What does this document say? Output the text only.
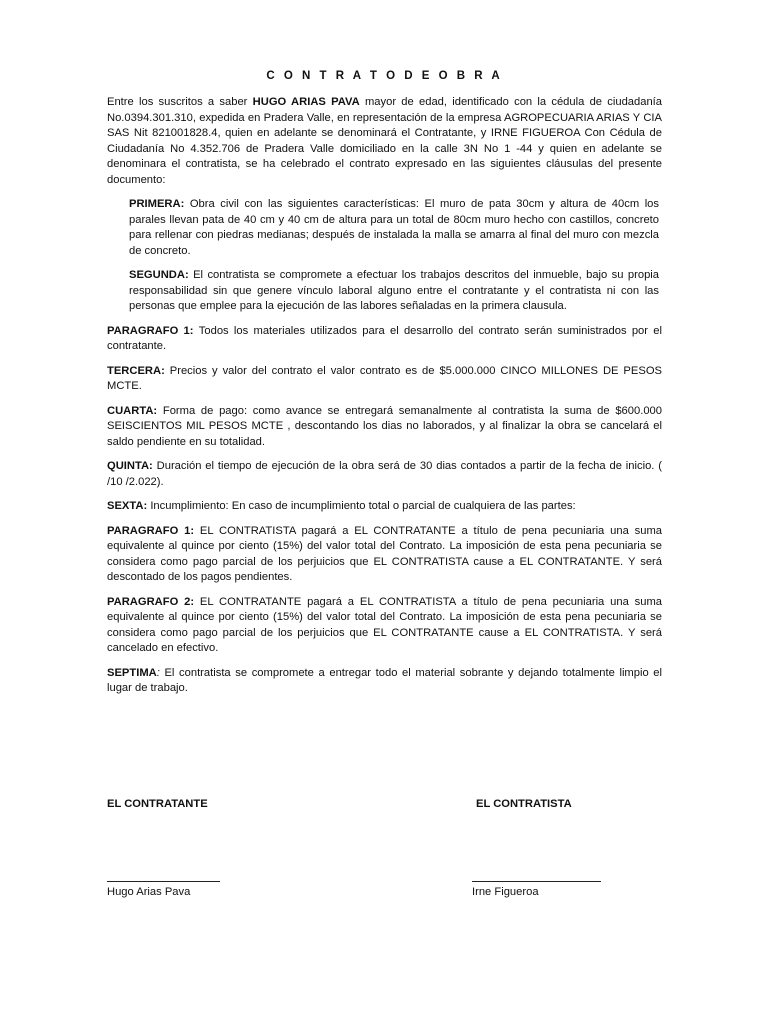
C O N T R A T O D E O B R A

Entre los suscritos a saber HUGO ARIAS PAVA mayor de edad, identificado con la cédula de ciudadanía No.0394.301.310, expedida en Pradera Valle, en representación de la empresa AGROPECUARIA ARIAS Y CIA SAS Nit 821001828.4, quien en adelante se denominará el Contratante, y IRNE FIGUEROA Con Cédula de Ciudadanía No 4.352.706 de Pradera Valle domiciliado en la calle 3N No 1 -44 y quien en adelante se denominara el contratista, se ha celebrado el contrato expresado en las siguientes cláusulas del presente documento:

PRIMERA: Obra civil con las siguientes características: El muro de pata 30cm y altura de 40cm los parales llevan pata de 40 cm y 40 cm de altura para un total de 80cm muro hecho con castillos, concreto para rellenar con piedras medianas; después de instalada la malla se amarra al final del muro con mezcla de concreto.

SEGUNDA: El contratista se compromete a efectuar los trabajos descritos del inmueble, bajo su propia responsabilidad sin que genere vínculo laboral alguno entre el contratante y el contratista ni con las personas que emplee para la ejecución de las labores señaladas en la primera clausula.

PARAGRAFO 1: Todos los materiales utilizados para el desarrollo del contrato serán suministrados por el contratante.

TERCERA: Precios y valor del contrato el valor contrato es de $5.000.000 CINCO MILLONES DE PESOS MCTE.

CUARTA: Forma de pago: como avance se entregará semanalmente al contratista la suma de $600.000 SEISCIENTOS MIL PESOS MCTE , descontando los dias no laborados, y al finalizar la obra se cancelará el saldo pendiente en su totalidad.

QUINTA: Duración el tiempo de ejecución de la obra será de 30 dias contados a partir de la fecha de inicio. ( /10 /2.022).

SEXTA: Incumplimiento: En caso de incumplimiento total o parcial de cualquiera de las partes:

PARAGRAFO 1: EL CONTRATISTA pagará a EL CONTRATANTE a título de pena pecuniaria una suma equivalente al quince por ciento (15%) del valor total del Contrato. La imposición de esta pena pecuniaria se considera como pago parcial de los perjuicios que EL CONTRATISTA cause a EL CONTRATANTE. Y será descontado de los pagos pendientes.

PARAGRAFO 2: EL CONTRATANTE pagará a EL CONTRATISTA a título de pena pecuniaria una suma equivalente al quince por ciento (15%) del valor total del Contrato. La imposición de esta pena pecuniaria se considera como pago parcial de los perjuicios que EL CONTRATANTE cause a EL CONTRATISTA. Y será cancelado en efectivo.

SEPTIMA: El contratista se compromete a entregar todo el material sobrante y dejando totalmente limpio el lugar de trabajo.

EL CONTRATANTE	EL CONTRATISTA
Hugo Arias Pava	Irne Figueroa
